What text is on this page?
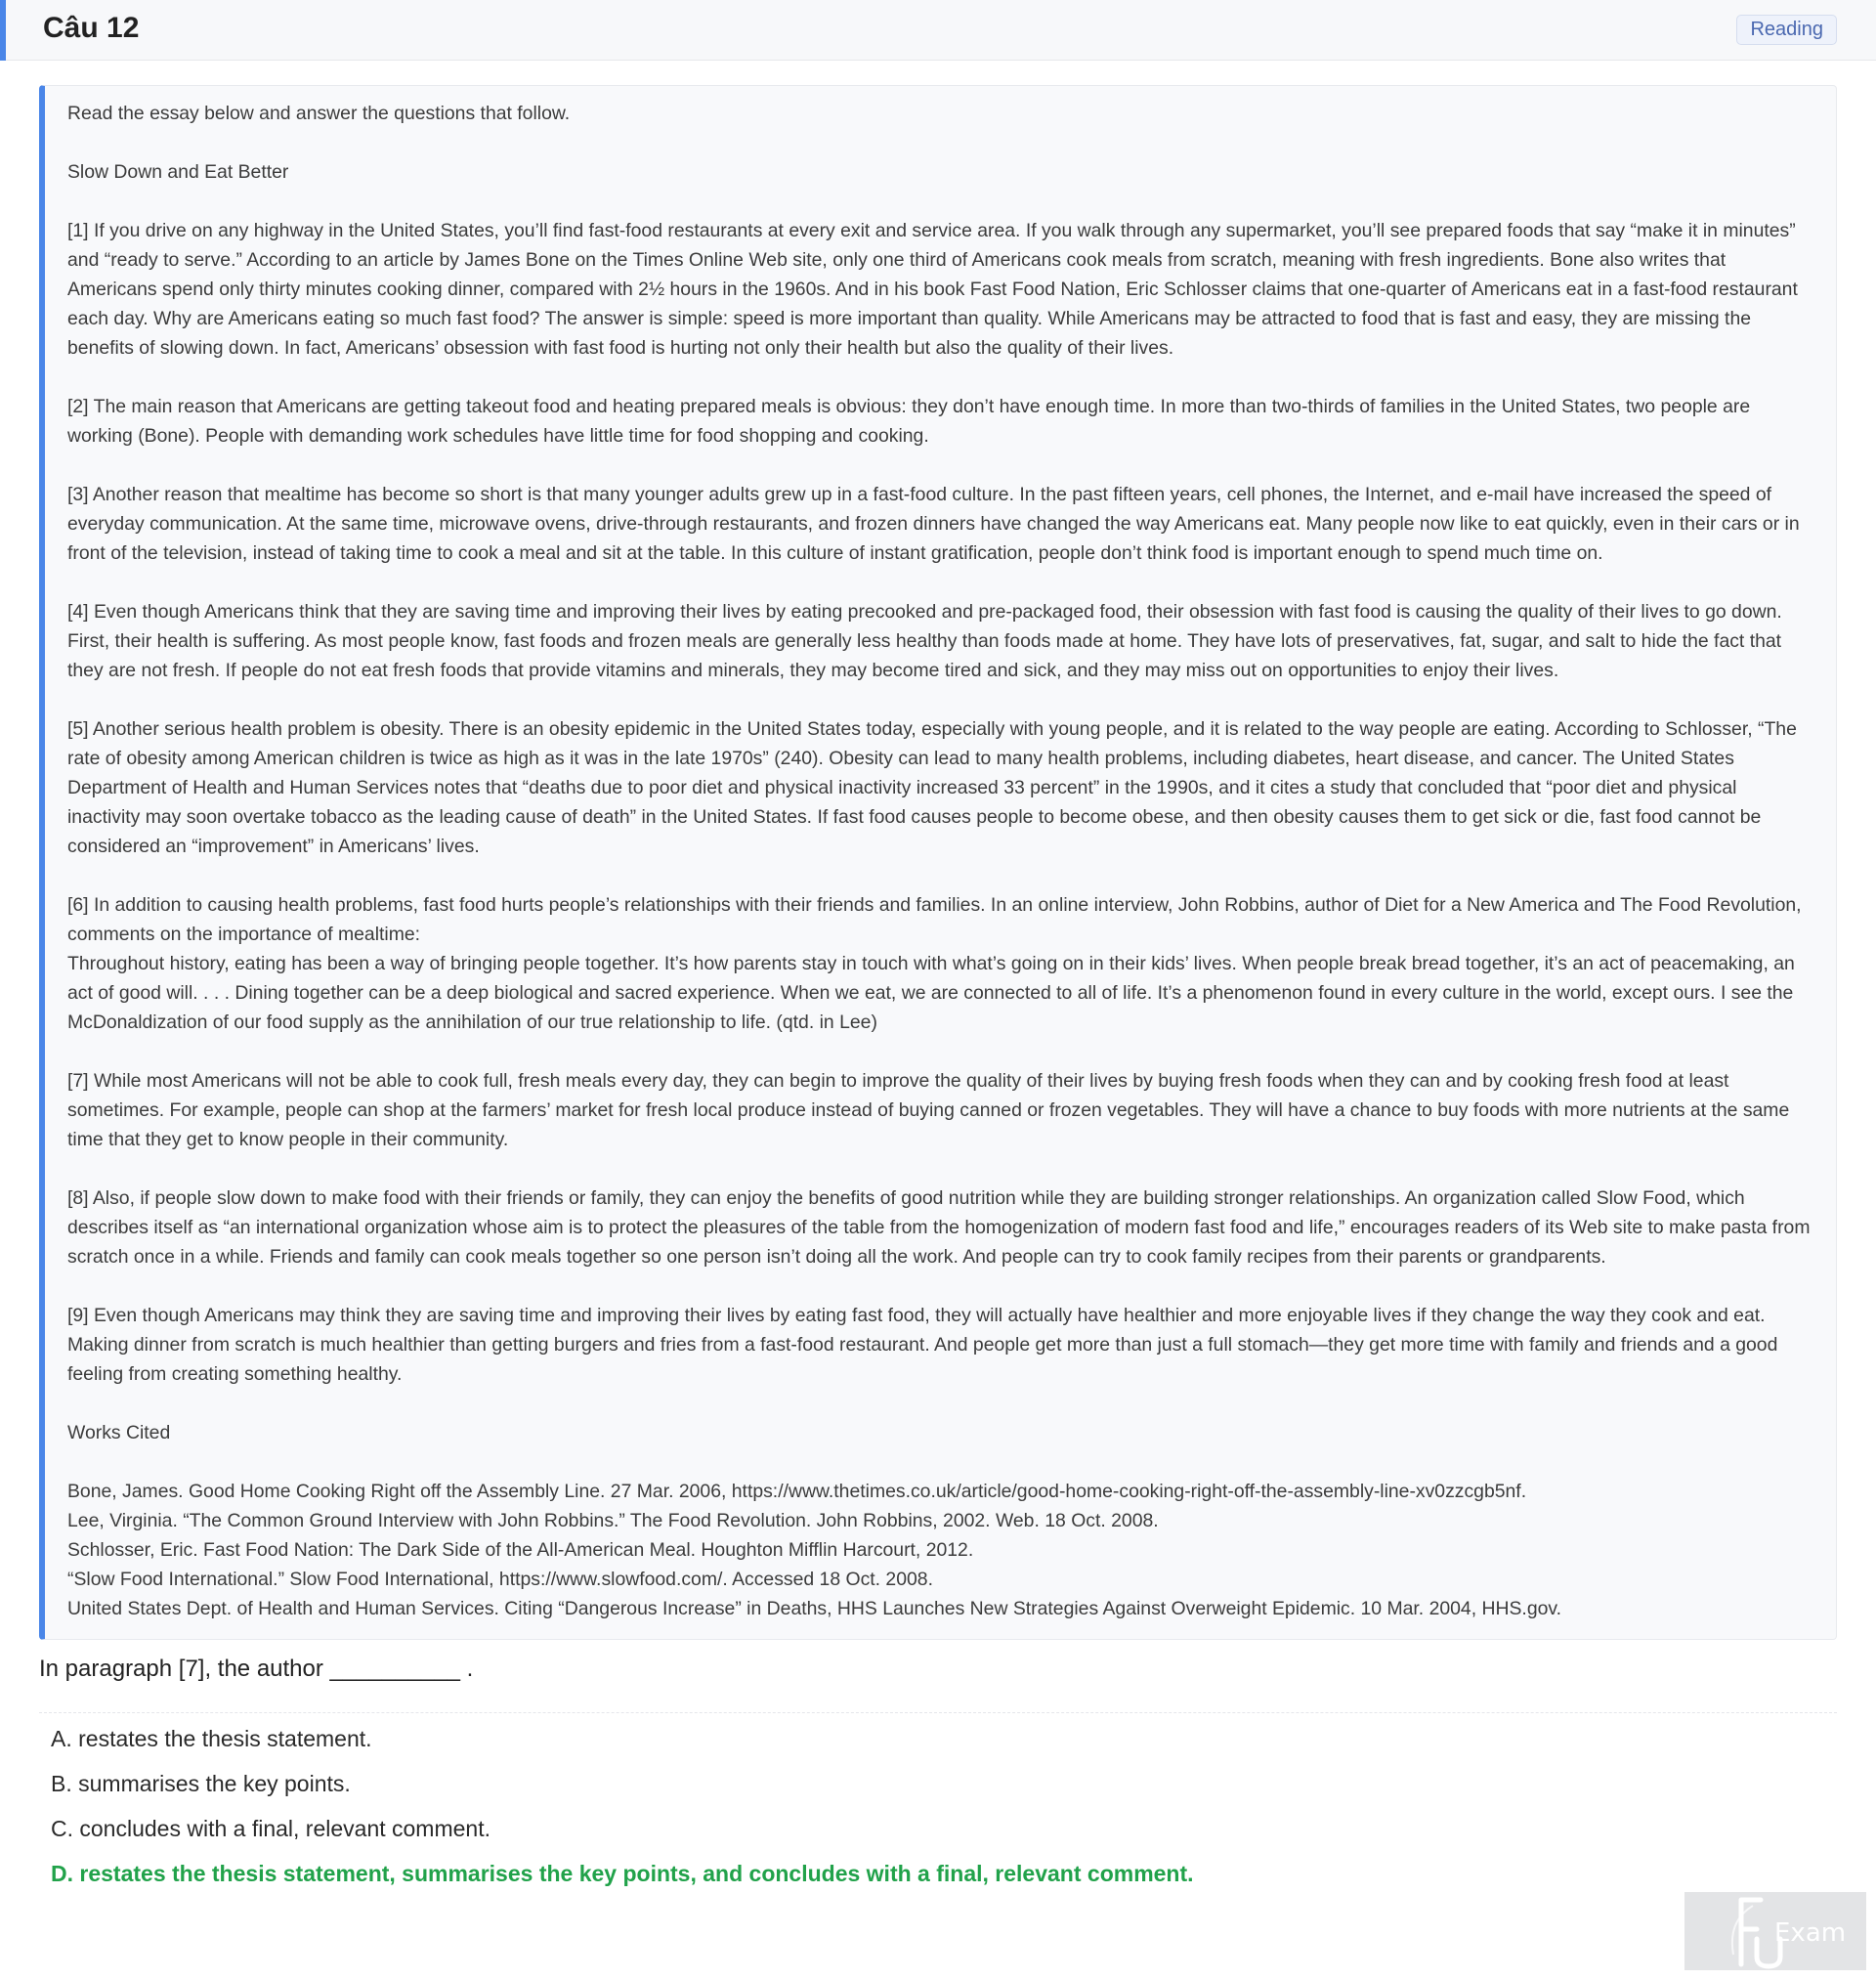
Câu 12	Reading

Read the essay below and answer the questions that follow.

Slow Down and Eat Better

[1] If you drive on any highway in the United States, you’ll find fast-food restaurants at every exit and service area. If you walk through any supermarket, you’ll see prepared foods that say “make it in minutes” and “ready to serve.” According to an article by James Bone on the Times Online Web site, only one third of Americans cook meals from scratch, meaning with fresh ingredients. Bone also writes that Americans spend only thirty minutes cooking dinner, compared with 2½ hours in the 1960s. And in his book Fast Food Nation, Eric Schlosser claims that one-quarter of Americans eat in a fast-food restaurant each day. Why are Americans eating so much fast food? The answer is simple: speed is more important than quality. While Americans may be attracted to food that is fast and easy, they are missing the benefits of slowing down. In fact, Americans’ obsession with fast food is hurting not only their health but also the quality of their lives.

[2] The main reason that Americans are getting takeout food and heating prepared meals is obvious: they don’t have enough time. In more than two-thirds of families in the United States, two people are working (Bone). People with demanding work schedules have little time for food shopping and cooking.

[3] Another reason that mealtime has become so short is that many younger adults grew up in a fast-food culture. In the past fifteen years, cell phones, the Internet, and e-mail have increased the speed of everyday communication. At the same time, microwave ovens, drive-through restaurants, and frozen dinners have changed the way Americans eat. Many people now like to eat quickly, even in their cars or in front of the television, instead of taking time to cook a meal and sit at the table. In this culture of instant gratification, people don’t think food is important enough to spend much time on.

[4] Even though Americans think that they are saving time and improving their lives by eating precooked and pre-packaged food, their obsession with fast food is causing the quality of their lives to go down. First, their health is suffering. As most people know, fast foods and frozen meals are generally less healthy than foods made at home. They have lots of preservatives, fat, sugar, and salt to hide the fact that they are not fresh. If people do not eat fresh foods that provide vitamins and minerals, they may become tired and sick, and they may miss out on opportunities to enjoy their lives.

[5] Another serious health problem is obesity. There is an obesity epidemic in the United States today, especially with young people, and it is related to the way people are eating. According to Schlosser, “The rate of obesity among American children is twice as high as it was in the late 1970s” (240). Obesity can lead to many health problems, including diabetes, heart disease, and cancer. The United States Department of Health and Human Services notes that “deaths due to poor diet and physical inactivity increased 33 percent” in the 1990s, and it cites a study that concluded that “poor diet and physical inactivity may soon overtake tobacco as the leading cause of death” in the United States. If fast food causes people to become obese, and then obesity causes them to get sick or die, fast food cannot be considered an “improvement” in Americans’ lives.

[6] In addition to causing health problems, fast food hurts people’s relationships with their friends and families. In an online interview, John Robbins, author of Diet for a New America and The Food Revolution, comments on the importance of mealtime:
Throughout history, eating has been a way of bringing people together. It’s how parents stay in touch with what’s going on in their kids’ lives. When people break bread together, it’s an act of peacemaking, an act of good will. . . . Dining together can be a deep biological and sacred experience. When we eat, we are connected to all of life. It’s a phenomenon found in every culture in the world, except ours. I see the McDonaldization of our food supply as the annihilation of our true relationship to life. (qtd. in Lee)

[7] While most Americans will not be able to cook full, fresh meals every day, they can begin to improve the quality of their lives by buying fresh foods when they can and by cooking fresh food at least sometimes. For example, people can shop at the farmers’ market for fresh local produce instead of buying canned or frozen vegetables. They will have a chance to buy foods with more nutrients at the same time that they get to know people in their community.

[8] Also, if people slow down to make food with their friends or family, they can enjoy the benefits of good nutrition while they are building stronger relationships. An organization called Slow Food, which describes itself as “an international organization whose aim is to protect the pleasures of the table from the homogenization of modern fast food and life,” encourages readers of its Web site to make pasta from scratch once in a while. Friends and family can cook meals together so one person isn’t doing all the work. And people can try to cook family recipes from their parents or grandparents.

[9] Even though Americans may think they are saving time and improving their lives by eating fast food, they will actually have healthier and more enjoyable lives if they change the way they cook and eat. Making dinner from scratch is much healthier than getting burgers and fries from a fast-food restaurant. And people get more than just a full stomach—they get more time with family and friends and a good feeling from creating something healthy.

Works Cited

Bone, James. Good Home Cooking Right off the Assembly Line. 27 Mar. 2006, https://www.thetimes.co.uk/article/good-home-cooking-right-off-the-assembly-line-xv0zzcgb5nf.
Lee, Virginia. “The Common Ground Interview with John Robbins.” The Food Revolution. John Robbins, 2002. Web. 18 Oct. 2008.
Schlosser, Eric. Fast Food Nation: The Dark Side of the All-American Meal. Houghton Mifflin Harcourt, 2012.
“Slow Food International.” Slow Food International, https://www.slowfood.com/. Accessed 18 Oct. 2008.
United States Dept. of Health and Human Services. Citing “Dangerous Increase” in Deaths, HHS Launches New Strategies Against Overweight Epidemic. 10 Mar. 2004, HHS.gov.

In paragraph [7], the author __________ .
A. restates the thesis statement.
B. summarises the key points.
C. concludes with a final, relevant comment.
D. restates the thesis statement, summarises the key points, and concludes with a final, relevant comment.
Exam
